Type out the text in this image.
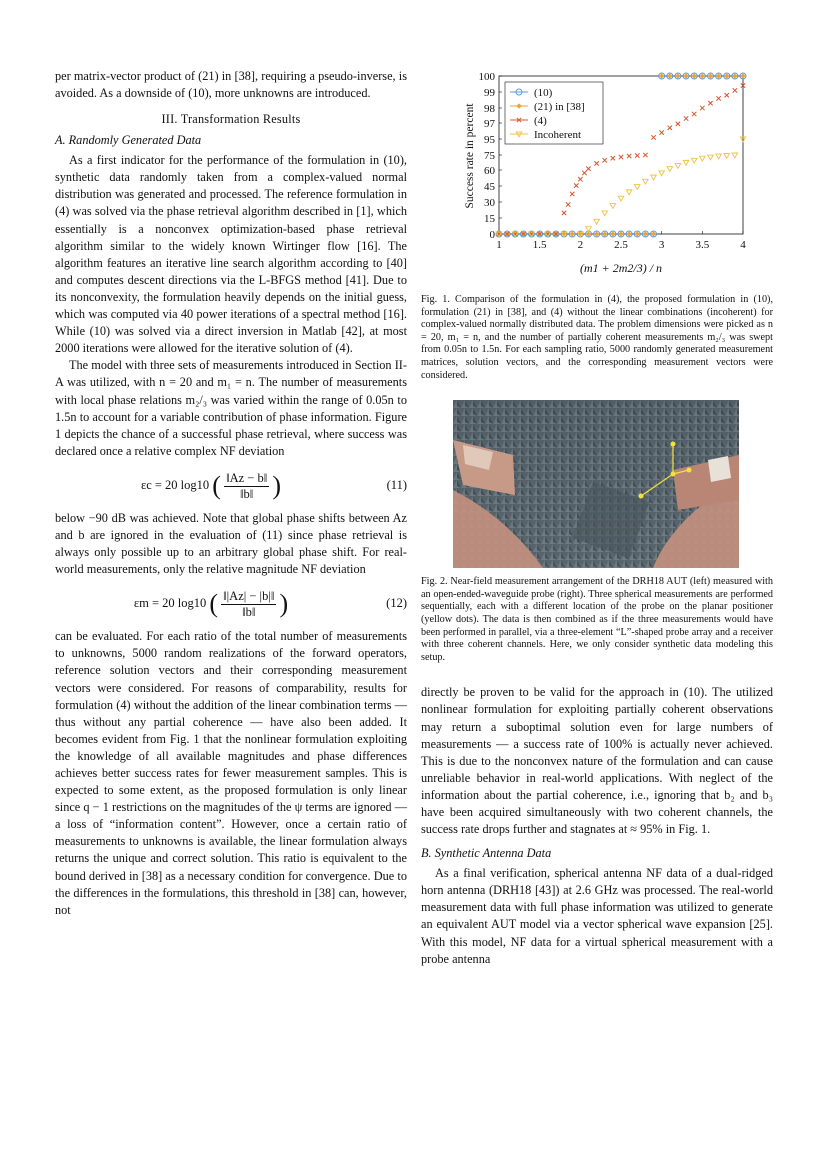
per matrix-vector product of (21) in [38], requiring a pseudo-inverse, is avoided. As a downside of (10), more unknowns are introduced.

III. Transformation Results
A. Randomly Generated Data

As a first indicator for the performance of the formulation in (10), synthetic data randomly taken from a complex-valued normal distribution was generated and processed. The reference formulation in (4) was solved via the phase retrieval algorithm described in [1], which essentially is a nonconvex optimization-based phase retrieval algorithm similar to the widely known Wirtinger flow [16]. The algorithm features an iterative line search algorithm according to [40] and computes descent directions via the L-BFGS method [41]. Due to its nonconvexity, the formulation heavily depends on the initial guess, which was computed via 40 power iterations of a spectral method [16]. While (10) was solved via a direct inversion in Matlab [42], at most 2000 iterations were allowed for the iterative solution of (4).

The model with three sets of measurements introduced in Section II-A was utilized, with n = 20 and m₁ = n. The number of measurements with local phase relations m₂/₃ was varied within the range of 0.05n to 1.5n to account for a variable contribution of phase information. Figure 1 depicts the chance of a successful phase retrieval, where success was declared once a relative complex NF deviation

εc = 20 log10 ( $\frac{‖Az - b‖}{‖b‖}$ )	(11)

below −90 dB was achieved. Note that global phase shifts between Az and b are ignored in the evaluation of (11) since phase retrieval is always only possible up to an arbitrary global phase shift. For real-world measurements, only the relative magnitude NF deviation

εm = 20 log10 ( $\frac{‖|Az| - |b|‖}{‖b‖}$ )	(12)

can be evaluated. For each ratio of the total number of measurements to unknowns, 5000 random realizations of the forward operators, reference solution vectors and their corresponding measurement vectors were considered. For reasons of comparability, results for formulation (4) without the addition of the linear combination terms — thus without any partial coherence — have also been added. It becomes evident from Fig. 1 that the nonlinear formulation exploiting the knowledge of all available magnitudes and phase differences achieves better success rates for fewer measurement samples. This is expected to some extent, as the proposed formulation is only linear since q − 1 restrictions on the magnitudes of the ψ terms are ignored — a loss of “information content”. However, once a certain ratio of measurements to unknowns is available, the linear formulation always returns the unique and correct solution. This ratio is equivalent to the bound derived in [38] as a necessary condition for convergence. Due to the differences in the formulations, this threshold in [38] can, however, not

0
15
30
45
60
75
95
97
98
99
100
1	1.5	2	2.5	3	3.5	4
Success rate in percent
(m1 + 2m2/3) / n
(10)
(21) in [38]
(4)
Incoherent

Fig. 1. Comparison of the formulation in (4), the proposed formulation in (10), formulation (21) in [38], and (4) without the linear combinations (incoherent) for complex-valued normally distributed data. The problem dimensions were picked as n = 20, m₁ = n, and the number of partially coherent measurements m₂/₃ was swept from 0.05n to 1.5n. For each sampling ratio, 5000 randomly generated measurement matrices, solution vectors, and the corresponding measurement vectors were considered.

Fig. 2. Near-field measurement arrangement of the DRH18 AUT (left) measured with an open-ended-waveguide probe (right). Three spherical measurements are performed sequentially, each with a different location of the probe on the planar positioner (yellow dots). The data is then combined as if the three measurements would have been performed in parallel, via a three-element “L”-shaped probe array and a receiver with three coherent channels. Here, we only consider synthetic data modeling this setup.

directly be proven to be valid for the approach in (10). The utilized nonlinear formulation for exploiting partially coherent observations may return a suboptimal solution even for large numbers of measurements — a success rate of 100% is actually never achieved. This is due to the nonconvex nature of the formulation and can cause unreliable behavior in real-world applications. With neglect of the information about the partial coherence, i.e., ignoring that b₂ and b₃ have been acquired simultaneously with two coherent channels, the success rate drops further and stagnates at ≈ 95% in Fig. 1.

B. Synthetic Antenna Data

As a final verification, spherical antenna NF data of a dual-ridged horn antenna (DRH18 [43]) at 2.6 GHz was processed. The real-world measurement data with full phase information was utilized to generate an equivalent AUT model via a vector spherical wave expansion [25]. With this model, NF data for a virtual spherical measurement with a probe antenna
